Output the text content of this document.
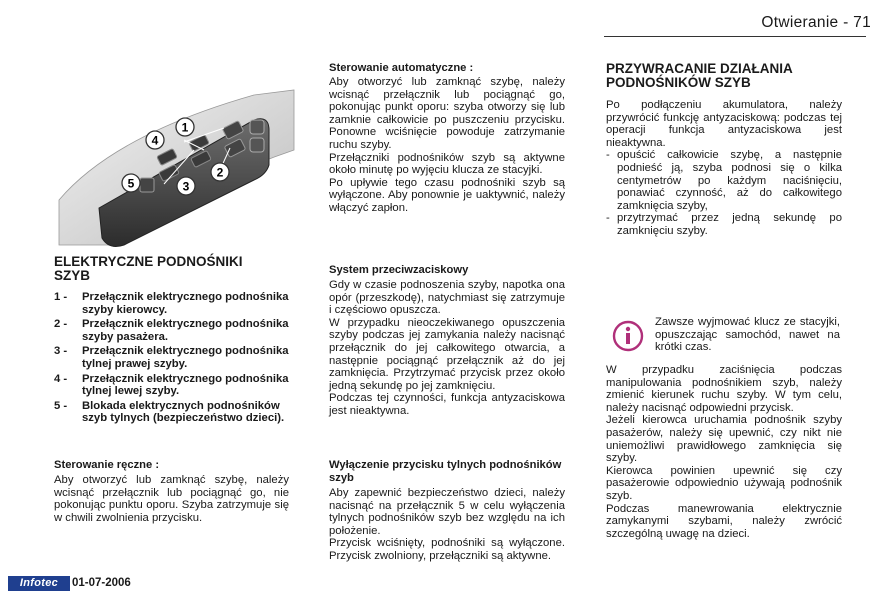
Otwieranie - 71
1
4
2
5	3
ELEKTRYCZNE PODNOŚNIKI
SZYB
1 -	Przełącznik elektrycznego podnośnika szyby kierowcy.
2 -	Przełącznik elektrycznego podnośnika szyby pasażera.
3 -	Przełącznik elektrycznego podnośnika tylnej prawej szyby.
4 -	Przełącznik elektrycznego podnośnika tylnej lewej szyby.
5 -	Blokada elektrycznych podnośników szyb tylnych (bezpieczeństwo dzieci).
Sterowanie ręczne :

Aby otworzyć lub zamknąć szybę, należy wcisnąć przełącznik lub pociągnąć go, nie pokonując punktu oporu. Szyba zatrzymuje się w chwili zwolnienia przycisku.

Sterowanie automatyczne :

Aby otworzyć lub zamknąć szybę, należy wcisnąć przełącznik lub pociągnąć go, pokonując punkt oporu: szyba otworzy się lub zamknie całkowicie po puszczeniu przycisku. Ponowne wciśnięcie powoduje zatrzymanie ruchu szyby.

Przełączniki podnośników szyb są aktywne około minutę po wyjęciu klucza ze stacyjki.

Po upływie tego czasu podnośniki szyb są wyłączone. Aby ponownie je uaktywnić, należy włączyć zapłon.

System przeciwzaciskowy

Gdy w czasie podnoszenia szyby, napotka ona opór (przeszkodę), natychmiast się zatrzymuje i częściowo opuszcza.

W przypadku nieoczekiwanego opuszczenia szyby podczas jej zamykania należy nacisnąć przełącznik do jej całkowitego otwarcia, a następnie pociągnąć przełącznik aż do jej zamknięcia. Przytrzymać przycisk przez około jedną sekundę po jej zamknięciu.

Podczas tej czynności, funkcja antyzaciskowa jest nieaktywna.

Wyłączenie przycisku tylnych podnośników szyb

Aby zapewnić bezpieczeństwo dzieci, należy nacisnąć na przełącznik 5 w celu wyłączenia tylnych podnośników szyb bez względu na ich położenie.

Przycisk wciśnięty, podnośniki są wyłączone. Przycisk zwolniony, przełączniki są aktywne.

PRZYWRACANIE DZIAŁANIA
PODNOŚNIKÓW SZYB

Po podłączeniu akumulatora, należy przywrócić funkcję antyzaciskową: podczas tej operacji funkcja antyzaciskowa jest nieaktywna.

- opuścić całkowicie szybę, a następnie podnieść ją, szyba podnosi się o kilka centymetrów po każdym naciśnięciu, ponawiać czynność, aż do całkowitego zamknięcia szyby,
- przytrzymać przez jedną sekundę po zamknięciu szyby.

Zawsze wyjmować klucz ze stacyjki, opuszczając samochód, nawet na krótki czas.

W przypadku zaciśnięcia podczas manipulowania podnośnikiem szyb, należy zmienić kierunek ruchu szyby. W tym celu, należy nacisnąć odpowiedni przycisk.

Jeżeli kierowca uruchamia podnośnik szyby pasażerów, należy się upewnić, czy nikt nie uniemożliwi prawidłowego zamknięcia się szyby.

Kierowca powinien upewnić się czy pasażerowie odpowiednio używają podnośnik szyb.

Podczas manewrowania elektrycznie zamykanymi szybami, należy zwrócić szczególną uwagę na dzieci.

Infotec	01-07-2006
